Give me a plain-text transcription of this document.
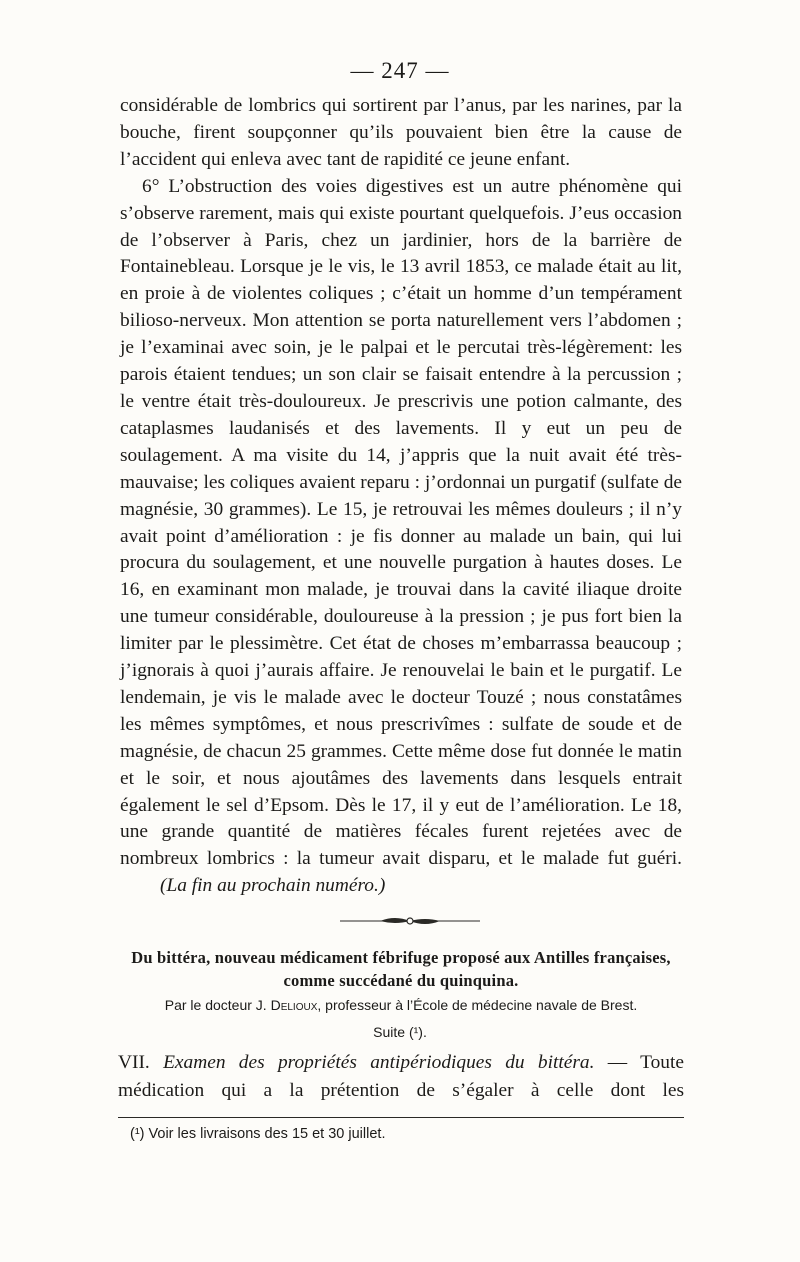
— 247 —

considérable de lombrics qui sortirent par l’anus, par les narines, par la bouche, firent soupçonner qu’ils pouvaient bien être la cause de l’accident qui enleva avec tant de rapidité ce jeune enfant.

6° L’obstruction des voies digestives est un autre phénomène qui s’observe rarement, mais qui existe pourtant quelquefois. J’eus occasion de l’observer à Paris, chez un jardinier, hors de la barrière de Fontainebleau. Lorsque je le vis, le 13 avril 1853, ce malade était au lit, en proie à de violentes coliques ; c’était un homme d’un tempérament bilioso-nerveux. Mon attention se porta naturellement vers l’abdomen ; je l’examinai avec soin, je le palpai et le percutai très-légèrement: les parois étaient tendues; un son clair se faisait entendre à la percussion ; le ventre était très-douloureux. Je prescrivis une potion calmante, des cataplasmes laudanisés et des lavements. Il y eut un peu de soulagement. A ma visite du 14, j’appris que la nuit avait été très-mauvaise; les coliques avaient reparu : j’ordonnai un purgatif (sulfate de magnésie, 30 grammes). Le 15, je retrouvai les mêmes douleurs ; il n’y avait point d’amélioration : je fis donner au malade un bain, qui lui procura du soulagement, et une nouvelle purgation à hautes doses. Le 16, en examinant mon malade, je trouvai dans la cavité iliaque droite une tumeur considérable, douloureuse à la pression ; je pus fort bien la limiter par le plessimètre. Cet état de choses m’embarrassa beaucoup ; j’ignorais à quoi j’aurais affaire. Je renouvelai le bain et le purgatif. Le lendemain, je vis le malade avec le docteur Touzé ; nous constatâmes les mêmes symptômes, et nous prescrivîmes : sulfate de soude et de magnésie, de chacun 25 grammes. Cette même dose fut donnée le matin et le soir, et nous ajoutâmes des lavements dans lesquels entrait également le sel d’Epsom. Dès le 17, il y eut de l’amélioration. Le 18, une grande quantité de matières fécales furent rejetées avec de nombreux lombrics : la tumeur avait disparu, et le malade fut guéri.(La fin au prochain numéro.)

Du bittéra, nouveau médicament fébrifuge proposé aux Antilles françaises, comme succédané du quinquina.
Par le docteur J. Delioux, professeur à l’École de médecine navale de Brest.
Suite (¹).

VII. Examen des propriétés antipériodiques du bittéra. — Toute médication qui a la prétention de s’égaler à celle dont les

(¹) Voir les livraisons des 15 et 30 juillet.
